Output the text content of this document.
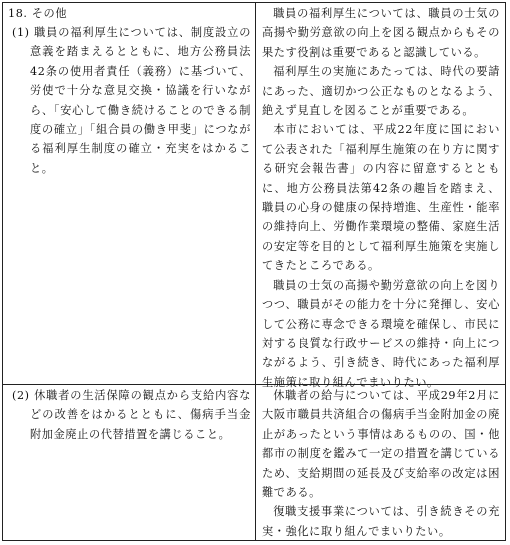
18. その他

(1) 職員の福利厚生については、制度設立の意義を踏まえるとともに、地方公務員法42条の使用者責任（義務）に基づいて、労使で十分な意見交換・協議を行いながら、「安心して働き続けることのできる制度の確立」「組合員の働き甲斐」につながる福利厚生制度の確立・充実をはかること。

職員の福利厚生については、職員の士気の高揚や勤労意欲の向上を図る観点からもその果たす役割は重要であると認識している。

福利厚生の実施にあたっては、時代の要請にあった、適切かつ公正なものとなるよう、絶えず見直しを図ることが重要である。

本市においては、平成22年度に国において公表された「福利厚生施策の在り方に関する研究会報告書」の内容に留意するとともに、地方公務員法第42条の趣旨を踏まえ、職員の心身の健康の保持増進、生産性・能率の維持向上、労働作業環境の整備、家庭生活の安定等を目的として福利厚生施策を実施してきたところである。

職員の士気の高揚や勤労意欲の向上を図りつつ、職員がその能力を十分に発揮し、安心して公務に専念できる環境を確保し、市民に対する良質な行政サービスの維持・向上につながるよう、引き続き、時代にあった福利厚生施策に取り組んでまいりたい。

(2) 休職者の生活保障の観点から支給内容などの改善をはかるとともに、傷病手当金附加金廃止の代替措置を講じること。

休職者の給与については、平成29年2月に大阪市職員共済組合の傷病手当金附加金の廃止があったという事情はあるものの、国・他都市の制度を鑑みて一定の措置を講じているため、支給期間の延長及び支給率の改定は困難である。

復職支援事業については、引き続きその充実・強化に取り組んでまいりたい。
